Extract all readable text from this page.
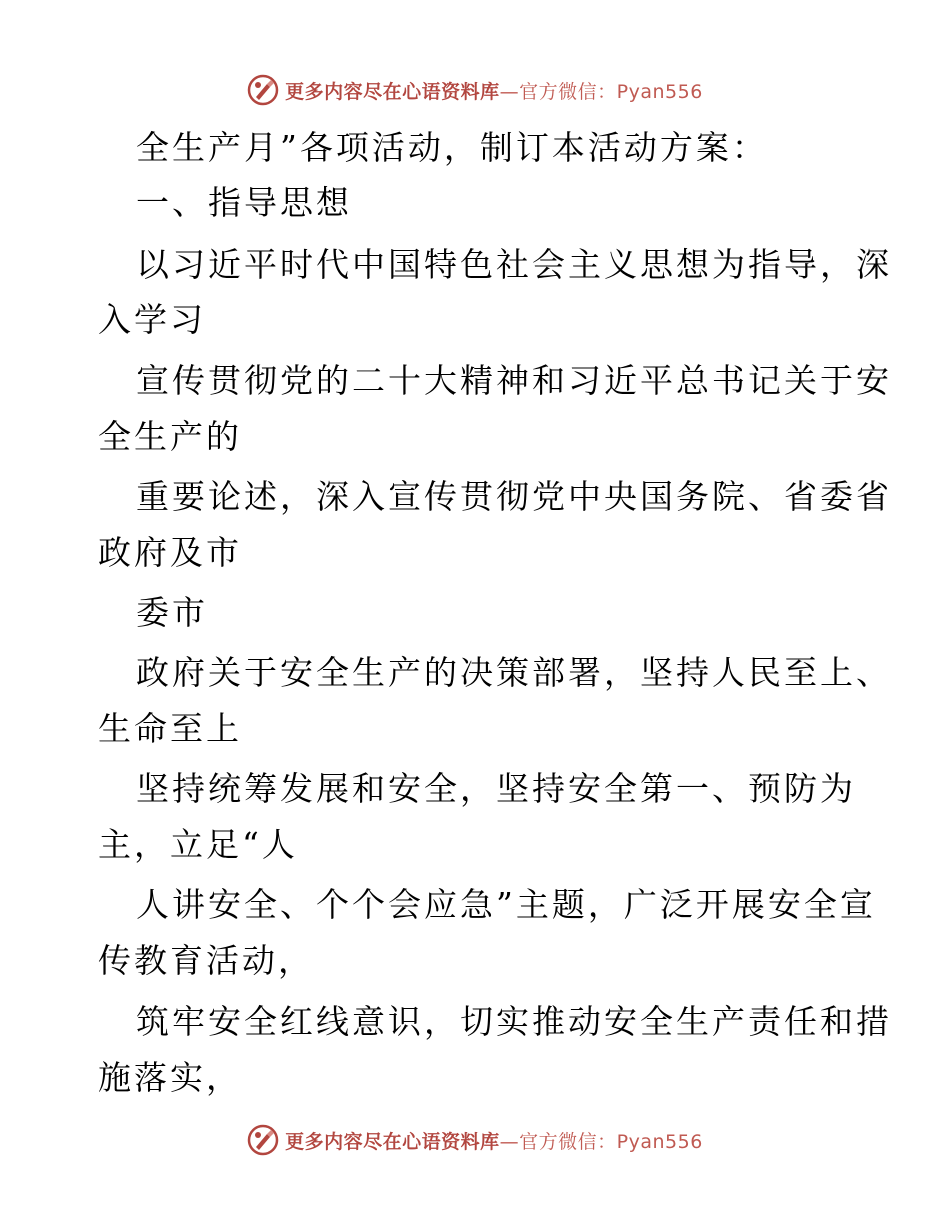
更多内容尽在心语资料库—官方微信：Pyan556
全生产月”各项活动，制订本活动方案：
一、指导思想
以习近平时代中国特色社会主义思想为指导，深
入学习
宣传贯彻党的二十大精神和习近平总书记关于安
全生产的
重要论述，深入宣传贯彻党中央国务院、省委省
政府及市
委市
政府关于安全生产的决策部署，坚持人民至上、
生命至上
坚持统筹发展和安全，坚持安全第一、预防为
主，立足“人
人讲安全、个个会应急”主题，广泛开展安全宣
传教育活动，
筑牢安全红线意识，切实推动安全生产责任和措
施落实，
更多内容尽在心语资料库—官方微信：Pyan556
